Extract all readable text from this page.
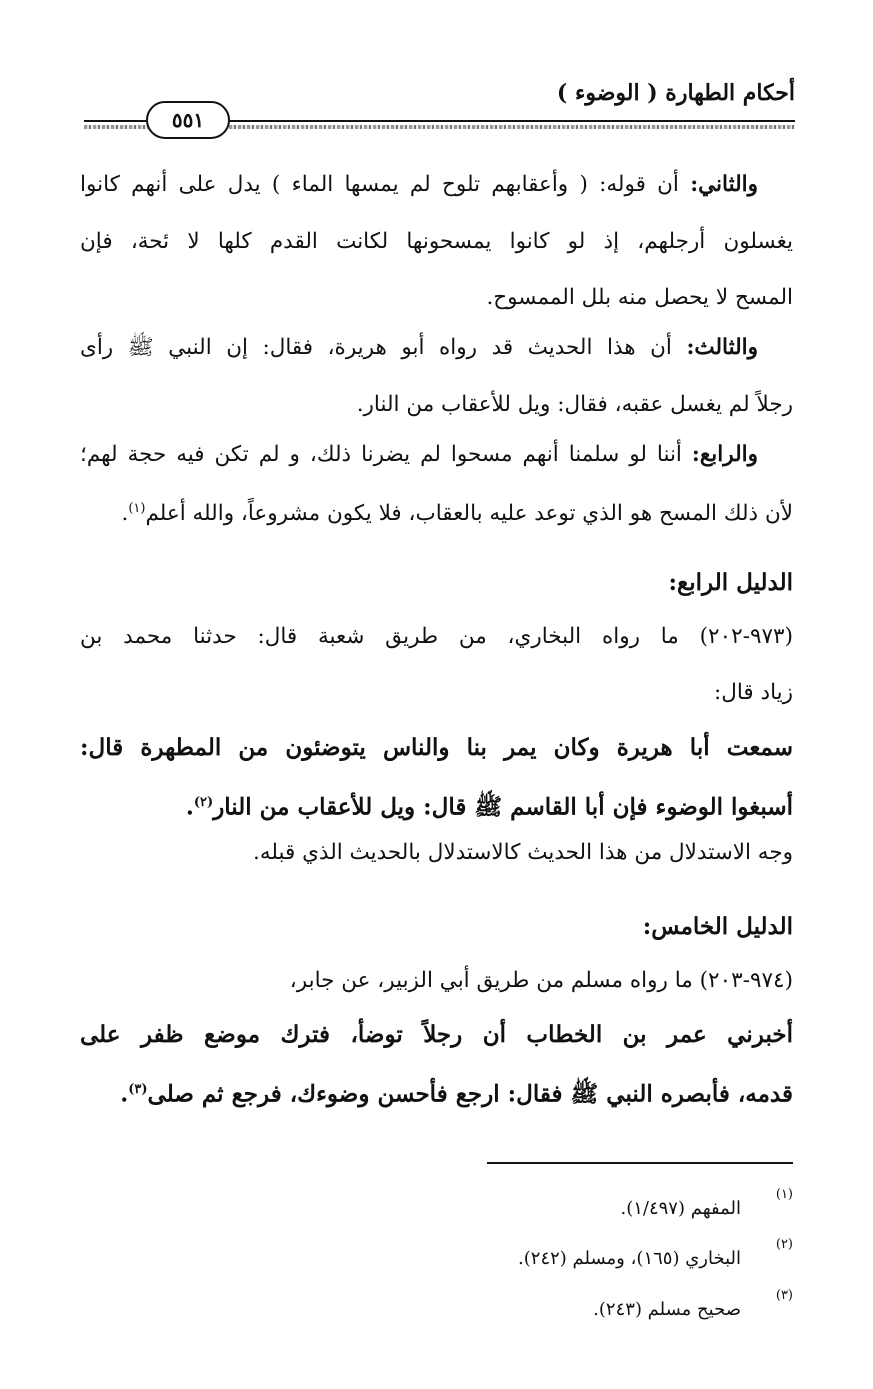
أحكام الطهارة ( الوضوء )
٥٥١
والثاني: أن قوله: ( وأعقابهم تلوح لم يمسها الماء ) يدل على أنهم كانوا
يغسلون أرجلهم، إذ لو كانوا يمسحونها لكانت القدم كلها لا ئحة، فإن
المسح لا يحصل منه بلل الممسوح.
والثالث: أن هذا الحديث قد رواه أبو هريرة، فقال: إن النبي ﷺ رأى
رجلاً لم يغسل عقبه، فقال: ويل للأعقاب من النار.
والرابع: أننا لو سلمنا أنهم مسحوا لم يضرنا ذلك، و لم تكن فيه حجة لهم؛
لأن ذلك المسح هو الذي توعد عليه بالعقاب، فلا يكون مشروعاً، والله أعلم$^{(١)}$.
الدليل الرابع:
(٩٧٣-٢٠٢) ما رواه البخاري، من طريق شعبة قال: حدثنا محمد بن
زياد قال:
سمعت أبا هريرة وكان يمر بنا والناس يتوضئون من المطهرة قال:
أسبغوا الوضوء فإن أبا القاسم ﷺ قال: ويل للأعقاب من النار$^{(٢)}$.
وجه الاستدلال من هذا الحديث كالاستدلال بالحديث الذي قبله.
الدليل الخامس:
(٩٧٤-٢٠٣) ما رواه مسلم من طريق أبي الزبير، عن جابر،
أخبرني عمر بن الخطاب أن رجلاً توضأ، فترك موضع ظفر على
قدمه، فأبصره النبي ﷺ فقال: ارجع فأحسن وضوءك، فرجع ثم صلى$^{(٣)}$.
(١)
المفهم (١/٤٩٧).
(٢)
البخاري (١٦٥)، ومسلم (٢٤٢).
(٣)
صحيح مسلم (٢٤٣).
